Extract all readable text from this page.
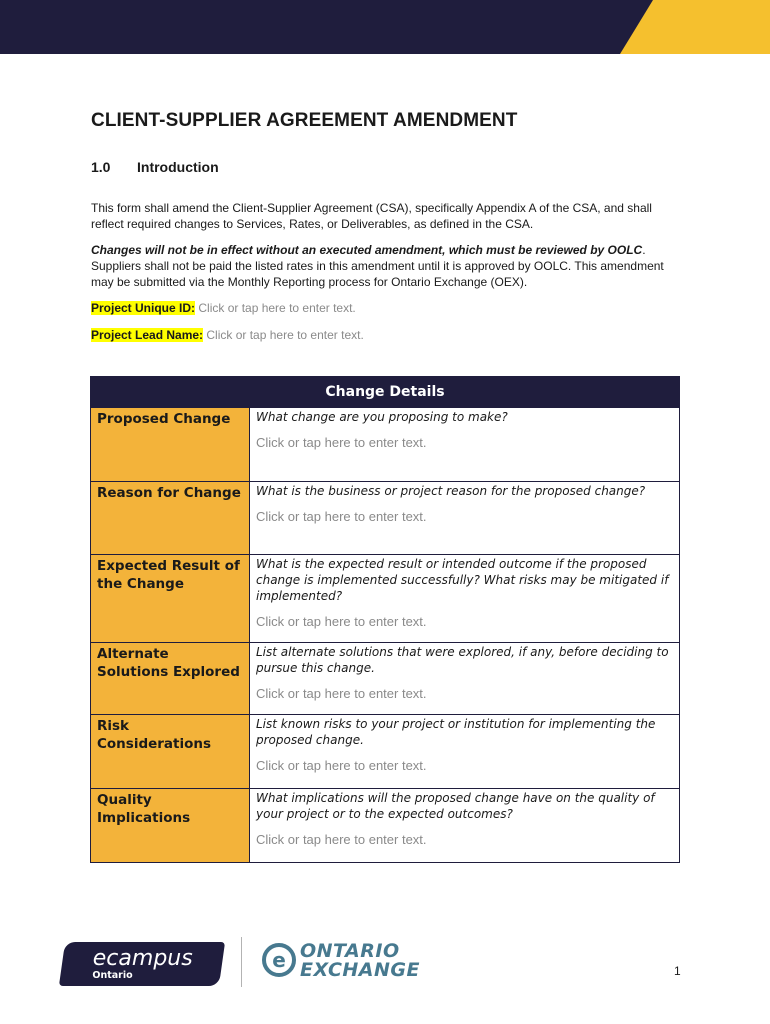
CLIENT-SUPPLIER AGREEMENT AMENDMENT
1.0 Introduction
This form shall amend the Client-Supplier Agreement (CSA), specifically Appendix A of the CSA, and shall reflect required changes to Services, Rates, or Deliverables, as defined in the CSA.
Changes will not be in effect without an executed amendment, which must be reviewed by OOLC. Suppliers shall not be paid the listed rates in this amendment until it is approved by OOLC. This amendment may be submitted via the Monthly Reporting process for Ontario Exchange (OEX).
Project Unique ID: Click or tap here to enter text.
Project Lead Name: Click or tap here to enter text.
Change Details	
Proposed Change	What change are you proposing to make?
Click or tap here to enter text.

Reason for Change	What is the business or project reason for the proposed change?
Click or tap here to enter text.

Expected Result of the Change	What is the expected result or intended outcome if the proposed change is implemented successfully? What risks may be mitigated if implemented?
Click or tap here to enter text.

Alternate Solutions Explored	List alternate solutions that were explored, if any, before deciding to pursue this change.
Click or tap here to enter text.

Risk Considerations	List known risks to your project or institution for implementing the proposed change.
Click or tap here to enter text.

Quality Implications	What implications will the proposed change have on the quality of your project or to the expected outcomes?
Click or tap here to enter text.
ecampus
Ontario
e ONTARIO
EXCHANGE	1
